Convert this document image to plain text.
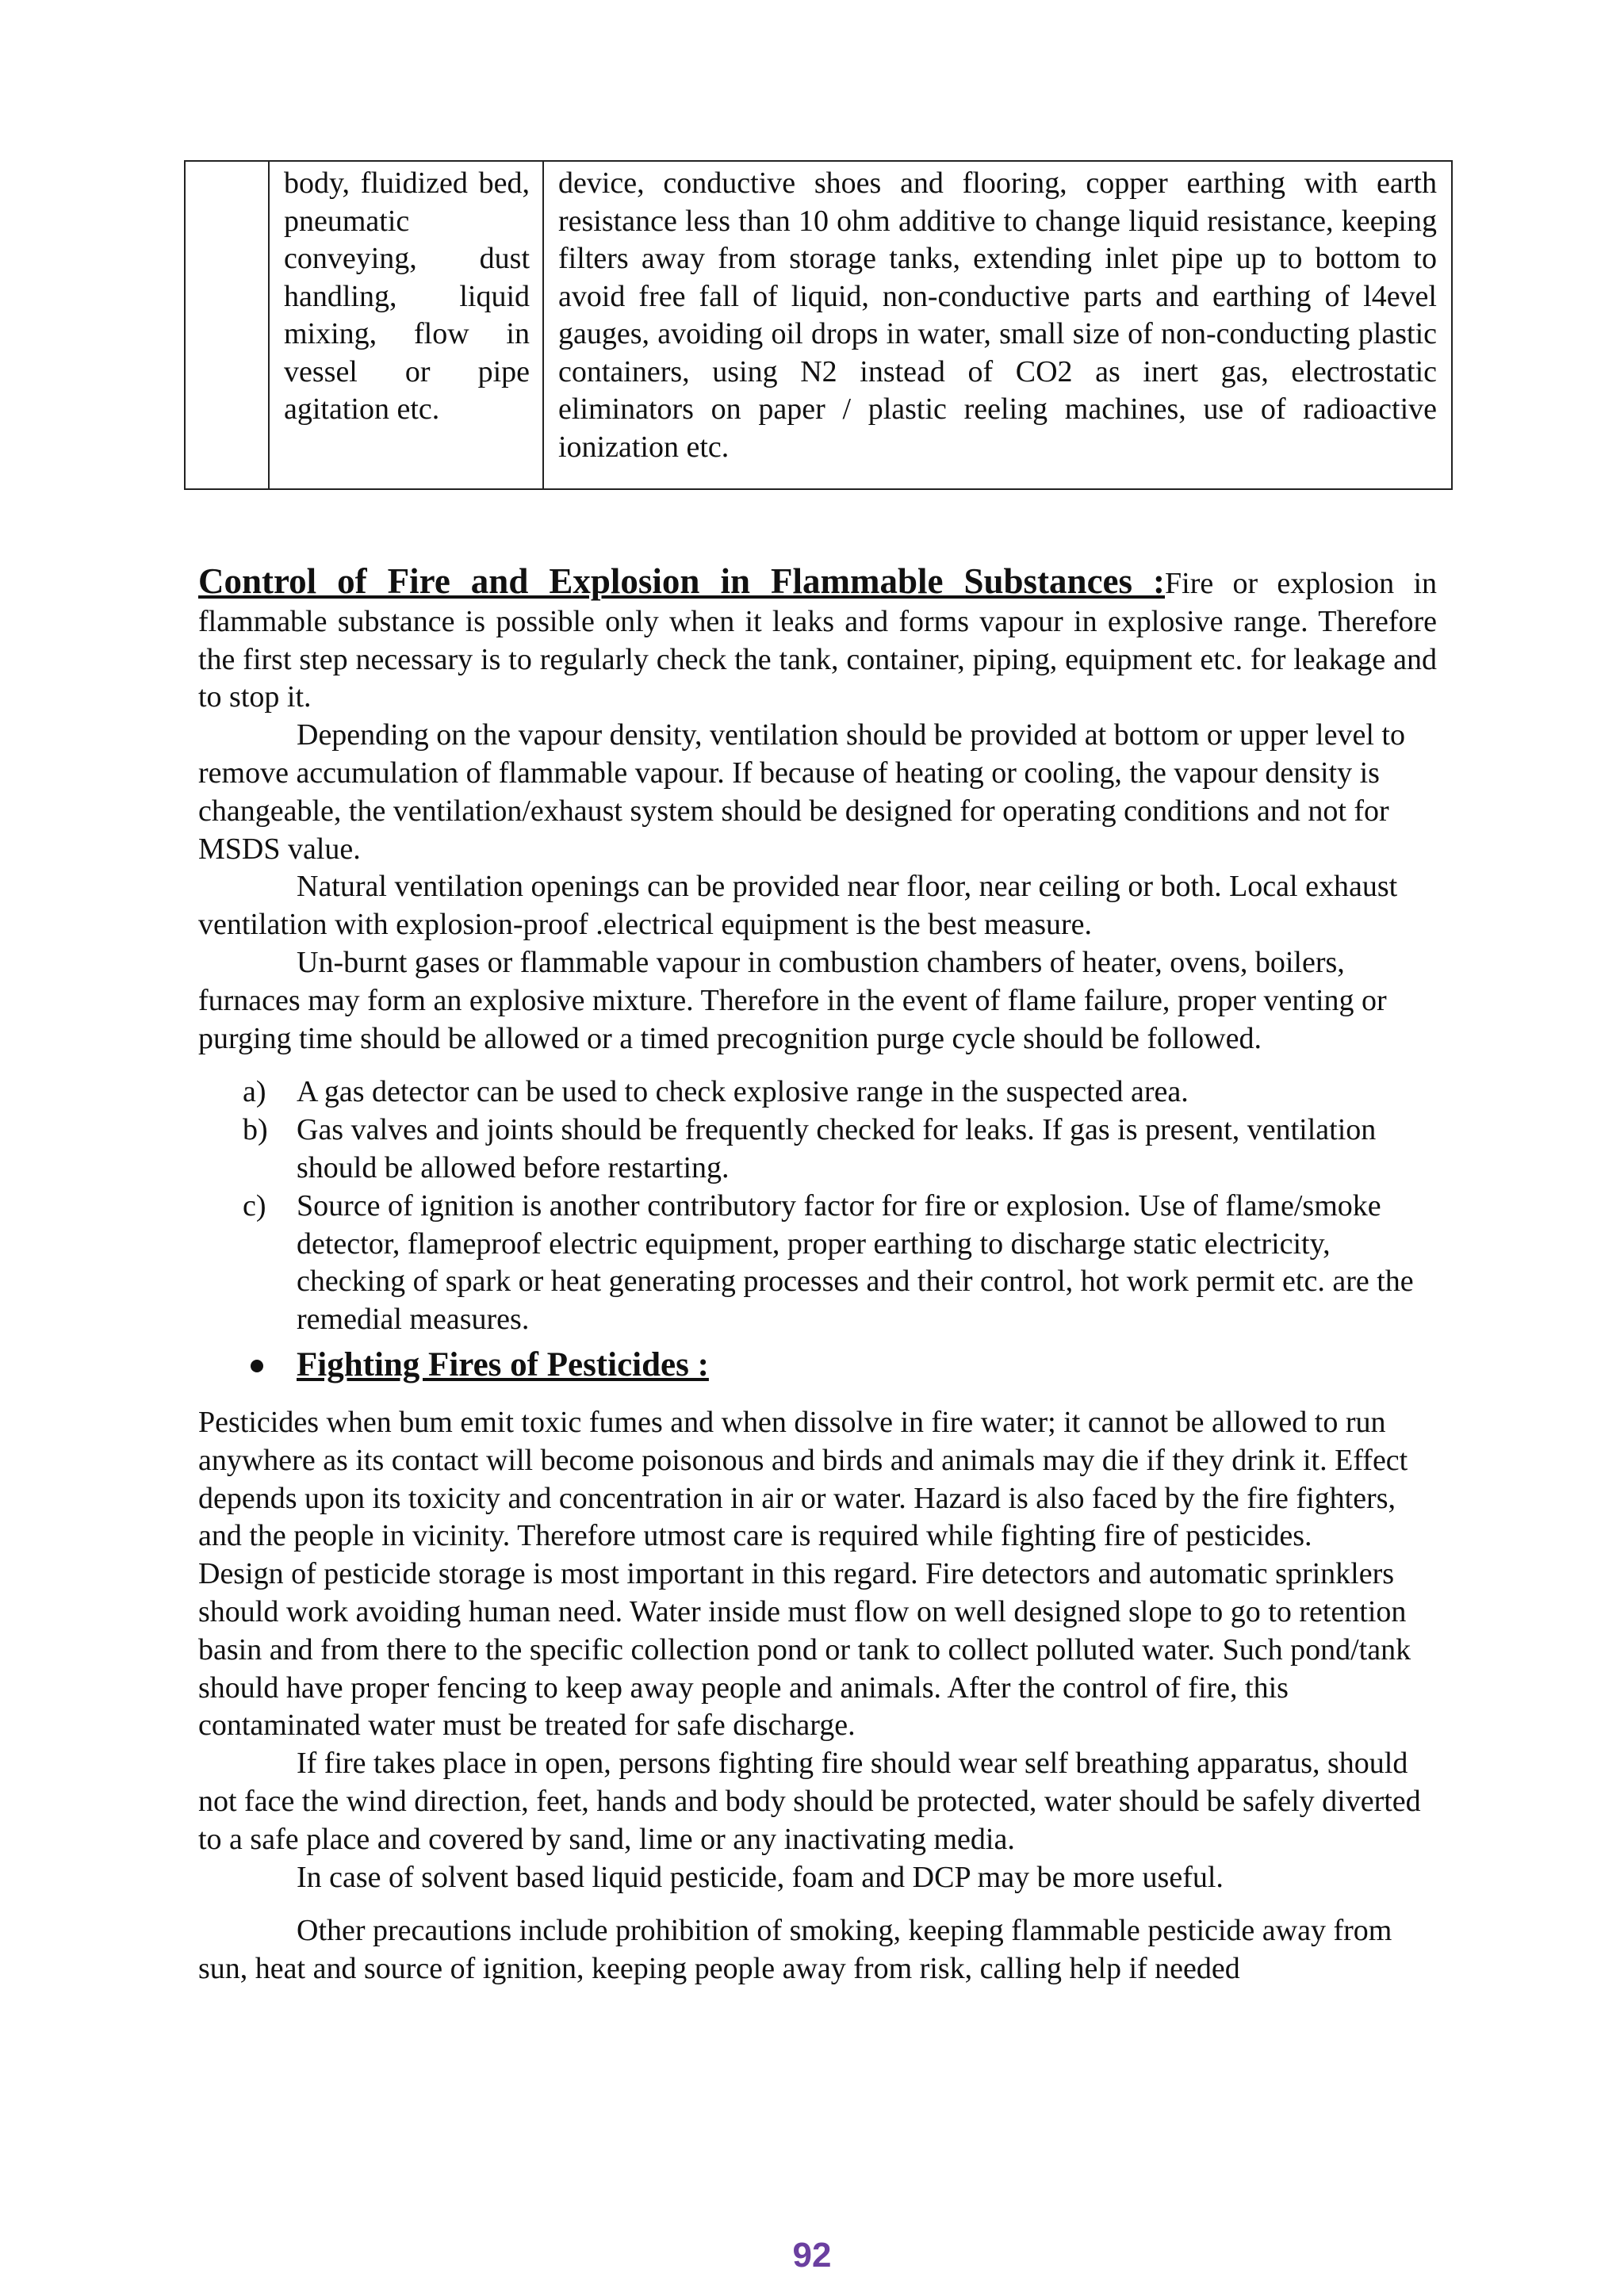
body, fluidized bed, pneumatic conveying, dust handling, liquid mixing, flow in vessel or pipe agitation etc.
device, conductive shoes and flooring, copper earthing with earth resistance less than 10 ohm additive to change liquid resistance, keeping filters away from storage tanks, extending inlet pipe up to bottom to avoid free fall of liquid, non-conductive parts and earthing of l4evel gauges, avoiding oil drops in water, small size of non-conducting plastic containers, using N2 instead of CO2 as inert gas, electrostatic eliminators on paper / plastic reeling machines, use of radioactive ionization etc.

Control of Fire and Explosion in Flammable Substances :Fire or explosion in flammable substance is possible only when it leaks and forms vapour in explosive range. Therefore the first step necessary is to regularly check the tank, container, piping, equipment etc. for leakage and to stop it.

Depending on the vapour density, ventilation should be provided at bottom or upper level to remove accumulation of flammable vapour. If because of heating or cooling, the vapour density is changeable, the ventilation/exhaust system should be designed for operating conditions and not for MSDS value.

Natural ventilation openings can be provided near floor, near ceiling or both. Local exhaust ventilation with explosion-proof .electrical equipment is the best measure.

Un-burnt gases or flammable vapour in combustion chambers of heater, ovens, boilers, furnaces may form an explosive mixture. Therefore in the event of flame failure, proper venting or purging time should be allowed or a timed precognition purge cycle should be followed.

a) A gas detector can be used to check explosive range in the suspected area.
b) Gas valves and joints should be frequently checked for leaks. If gas is present, ventilation should be allowed before restarting.
c) Source of ignition is another contributory factor for fire or explosion. Use of flame/smoke detector, flameproof electric equipment, proper earthing to discharge static electricity, checking of spark or heat generating processes and their control, hot work permit etc. are the remedial measures.
Fighting Fires of Pesticides :

Pesticides when bum emit toxic fumes and when dissolve in fire water; it cannot be allowed to run anywhere as its contact will become poisonous and birds and animals may die if they drink it. Effect depends upon its toxicity and concentration in air or water. Hazard is also faced by the fire fighters, and the people in vicinity. Therefore utmost care is required while fighting fire of pesticides.

Design of pesticide storage is most important in this regard. Fire detectors and automatic sprinklers should work avoiding human need. Water inside must flow on well designed slope to go to retention basin and from there to the specific collection pond or tank to collect polluted water. Such pond/tank should have proper fencing to keep away people and animals. After the control of fire, this contaminated water must be treated for safe discharge.

If fire takes place in open, persons fighting fire should wear self breathing apparatus, should not face the wind direction, feet, hands and body should be protected, water should be safely diverted to a safe place and covered by sand, lime or any inactivating media.

In case of solvent based liquid pesticide, foam and DCP may be more useful.

Other precautions include prohibition of smoking, keeping flammable pesticide away from sun, heat and source of ignition, keeping people away from risk, calling help if needed

92
